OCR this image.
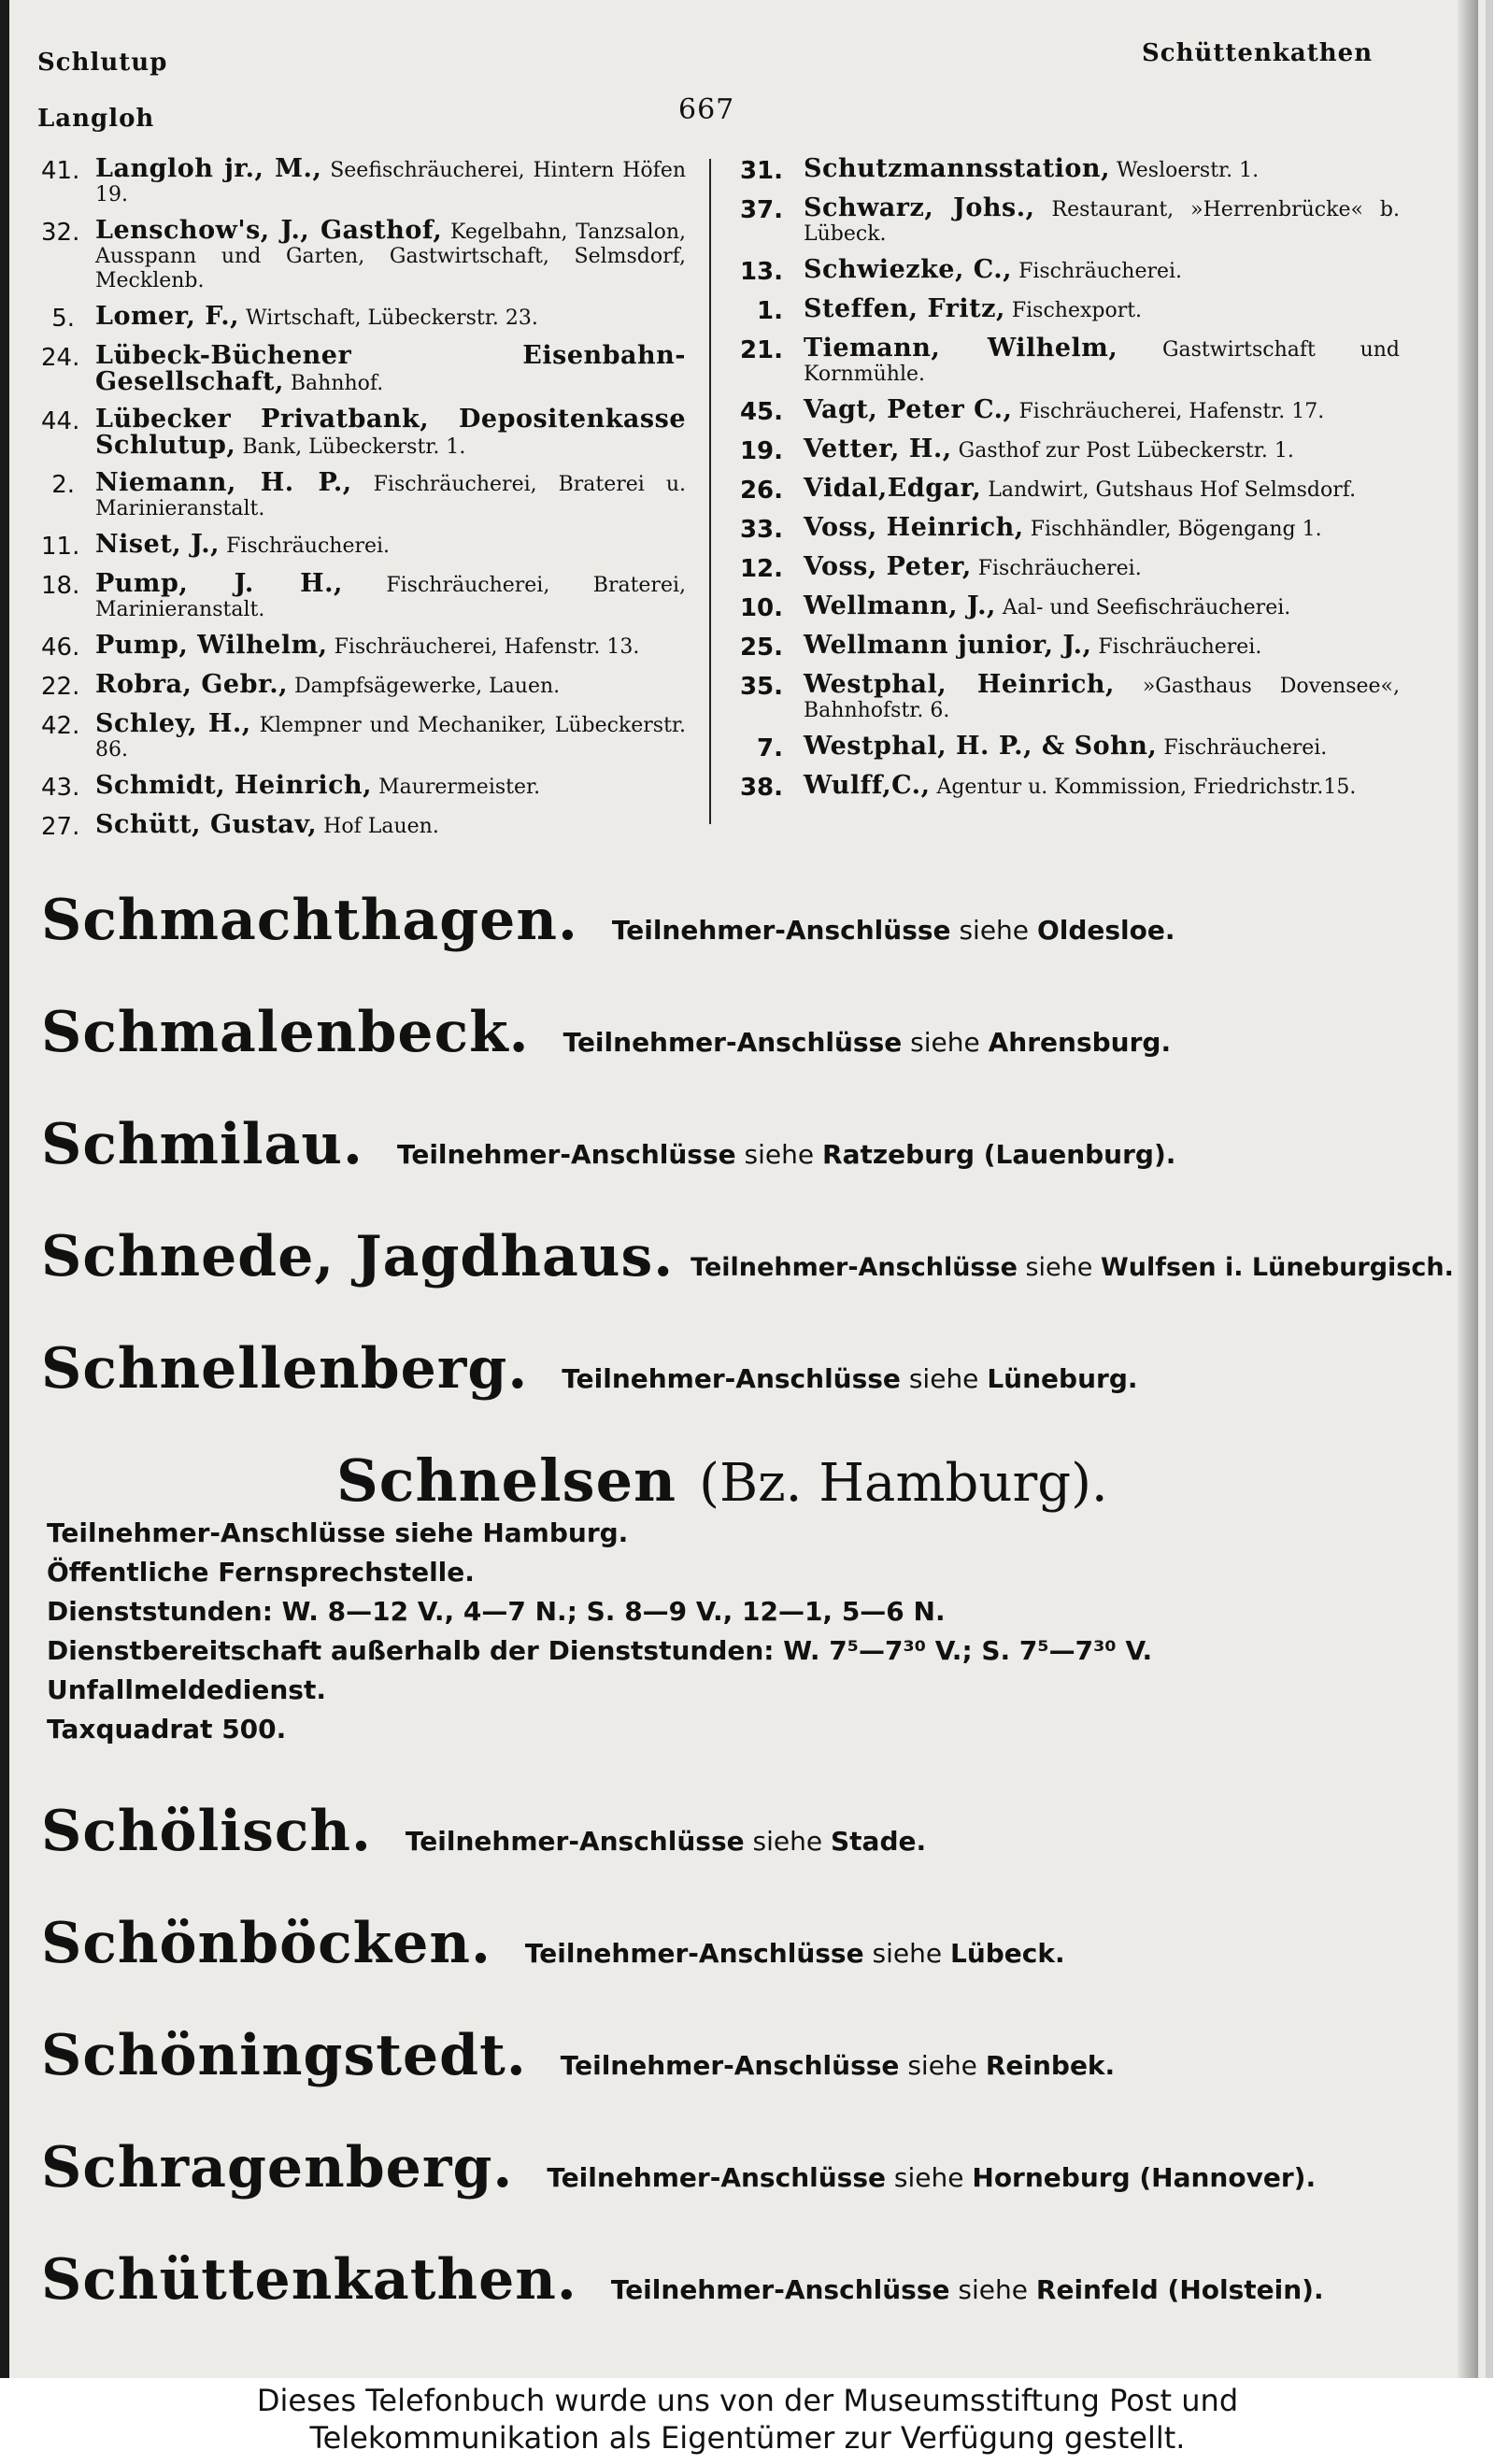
Schlutup
Langloh	667
Schüttenkathen
41. Langloh jr., M., Seefischräucherei, Hintern Höfen 19.
32. Lenschow's, J., Gasthof, Kegelbahn, Tanzsalon, Ausspann und Garten, Gastwirtschaft, Selmsdorf, Mecklenb.
5. Lomer, F., Wirtschaft, Lübeckerstr. 23.
24. Lübeck-Büchener Eisenbahn-Gesellschaft, Bahnhof.
44. Lübecker Privatbank, Depositenkasse Schlutup, Bank, Lübeckerstr. 1.
2. Niemann, H. P., Fischräucherei, Braterei u. Marinieranstalt.
11. Niset, J., Fischräucherei.
18. Pump, J. H., Fischräucherei, Braterei, Marinieranstalt.
46. Pump, Wilhelm, Fischräucherei, Hafenstr. 13.
22. Robra, Gebr., Dampfsägewerke, Lauen.
42. Schley, H., Klempner und Mechaniker, Lübeckerstr. 86.
43. Schmidt, Heinrich, Maurermeister.
27. Schütt, Gustav, Hof Lauen.
31. Schutzmannsstation, Wesloerstr. 1.
37. Schwarz, Johs., Restaurant, »Herrenbrücke« b. Lübeck.
13. Schwiezke, C., Fischräucherei.
1. Steffen, Fritz, Fischexport.
21. Tiemann, Wilhelm, Gastwirtschaft und Kornmühle.
45. Vagt, Peter C., Fischräucherei, Hafenstr. 17.
19. Vetter, H., Gasthof zur Post Lübeckerstr. 1.
26. Vidal,Edgar, Landwirt, Gutshaus Hof Selmsdorf.
33. Voss, Heinrich, Fischhändler, Bögengang 1.
12. Voss, Peter, Fischräucherei.
10. Wellmann, J., Aal- und Seefischräucherei.
25. Wellmann junior, J., Fischräucherei.
35. Westphal, Heinrich, »Gasthaus Dovensee«, Bahnhofstr. 6.
7. Westphal, H. P., & Sohn, Fischräucherei.
38. Wulff,C., Agentur u. Kommission, Friedrichstr.15.
Schmachthagen. Teilnehmer-Anschlüsse siehe Oldesloe.
Schmalenbeck. Teilnehmer-Anschlüsse siehe Ahrensburg.
Schmilau. Teilnehmer-Anschlüsse siehe Ratzeburg (Lauenburg).
Schnede, Jagdhaus. Teilnehmer-Anschlüsse siehe Wulfsen i. Lüneburgisch.
Schnellenberg. Teilnehmer-Anschlüsse siehe Lüneburg.
Schnelsen (Bz. Hamburg).
Teilnehmer-Anschlüsse siehe Hamburg.
Öffentliche Fernsprechstelle.
Dienststunden: W. 8—12 V., 4—7 N.; S. 8—9 V., 12—1, 5—6 N.
Dienstbereitschaft außerhalb der Dienststunden: W. 7⁵—7³⁰ V.; S. 7⁵—7³⁰ V.
Unfallmeldedienst.
Taxquadrat 500.
Schölisch. Teilnehmer-Anschlüsse siehe Stade.
Schönböcken. Teilnehmer-Anschlüsse siehe Lübeck.
Schöningstedt. Teilnehmer-Anschlüsse siehe Reinbek.
Schragenberg. Teilnehmer-Anschlüsse siehe Horneburg (Hannover).
Schüttenkathen. Teilnehmer-Anschlüsse siehe Reinfeld (Holstein).
Dieses Telefonbuch wurde uns von der Museumsstiftung Post und
Telekommunikation als Eigentümer zur Verfügung gestellt.
